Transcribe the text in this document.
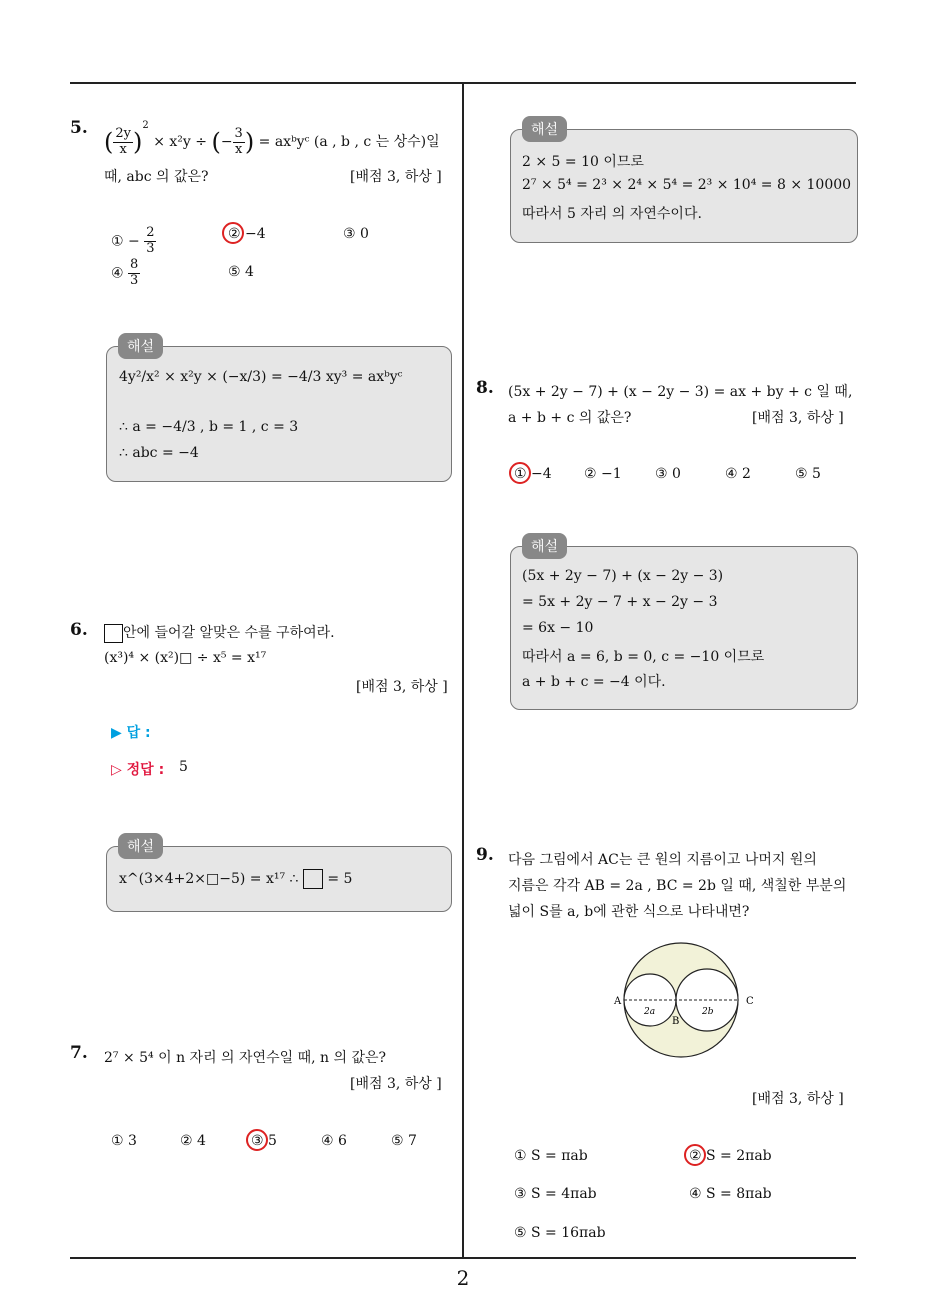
2
5. ( $\frac{2y}{x} )^2 \times x^2y$ ÷ (− $\frac{3}{x}$ ) = axᵇyᶜ (a , b , c 는 상수)일
때, abc 의 값은?	[배점 3, 하상 ]
① − $\frac{2}{3}$	② −4	③ 0
④ $\frac{8}{3}$	⑤ 4
4y²/x² × x²y × (−x/3) = −4/3 xy³ = axᵇyᶜ
∴ a = −4/3 , b = 1 , c = 3
∴ abc = −4
해설
6.	안에 들어갈 알맞은 수를 구하여라.
(x³)⁴ × (x²)□ ÷ x⁵ = x¹⁷
[배점 3, 하상 ]
▶ 답 :
▷ 정답 : 5
x^(3×4+2×□−5) = x¹⁷ ∴ = 5
해설
7. 2⁷ × 5⁴ 이 n 자리 의 자연수일 때, n 의 값은?
[배점 3, 하상 ]
① 3	② 4	③ 5	④ 6	⑤ 7
2 × 5 = 10 이므로
2⁷ × 5⁴ = 2³ × 2⁴ × 5⁴ = 2³ × 10⁴ = 8 × 10000
따라서 5 자리 의 자연수이다.
해설
8. (5x + 2y − 7) + (x − 2y − 3) = ax + by + c 일 때,
a + b + c 의 값은?	[배점 3, 하상 ]
① −4 ② −1 ③ 0	④ 2	⑤ 5
(5x + 2y − 7) + (x − 2y − 3)
= 5x + 2y − 7 + x − 2y − 3
= 6x − 10
따라서 a = 6, b = 0, c = −10 이므로
a + b + c = −4 이다.
해설
9. 다음 그림에서 AC는 큰 원의 지름이고 나머지 원의
지름은 각각 AB = 2a , BC = 2b 일 때, 색칠한 부분의
넓이 S를 a, b에 관한 식으로 나타내면?
A
B
C
2a	2b
[배점 3, 하상 ]
① S = πab	② S = 2πab
③ S = 4πab	④ S = 8πab
⑤ S = 16πab
